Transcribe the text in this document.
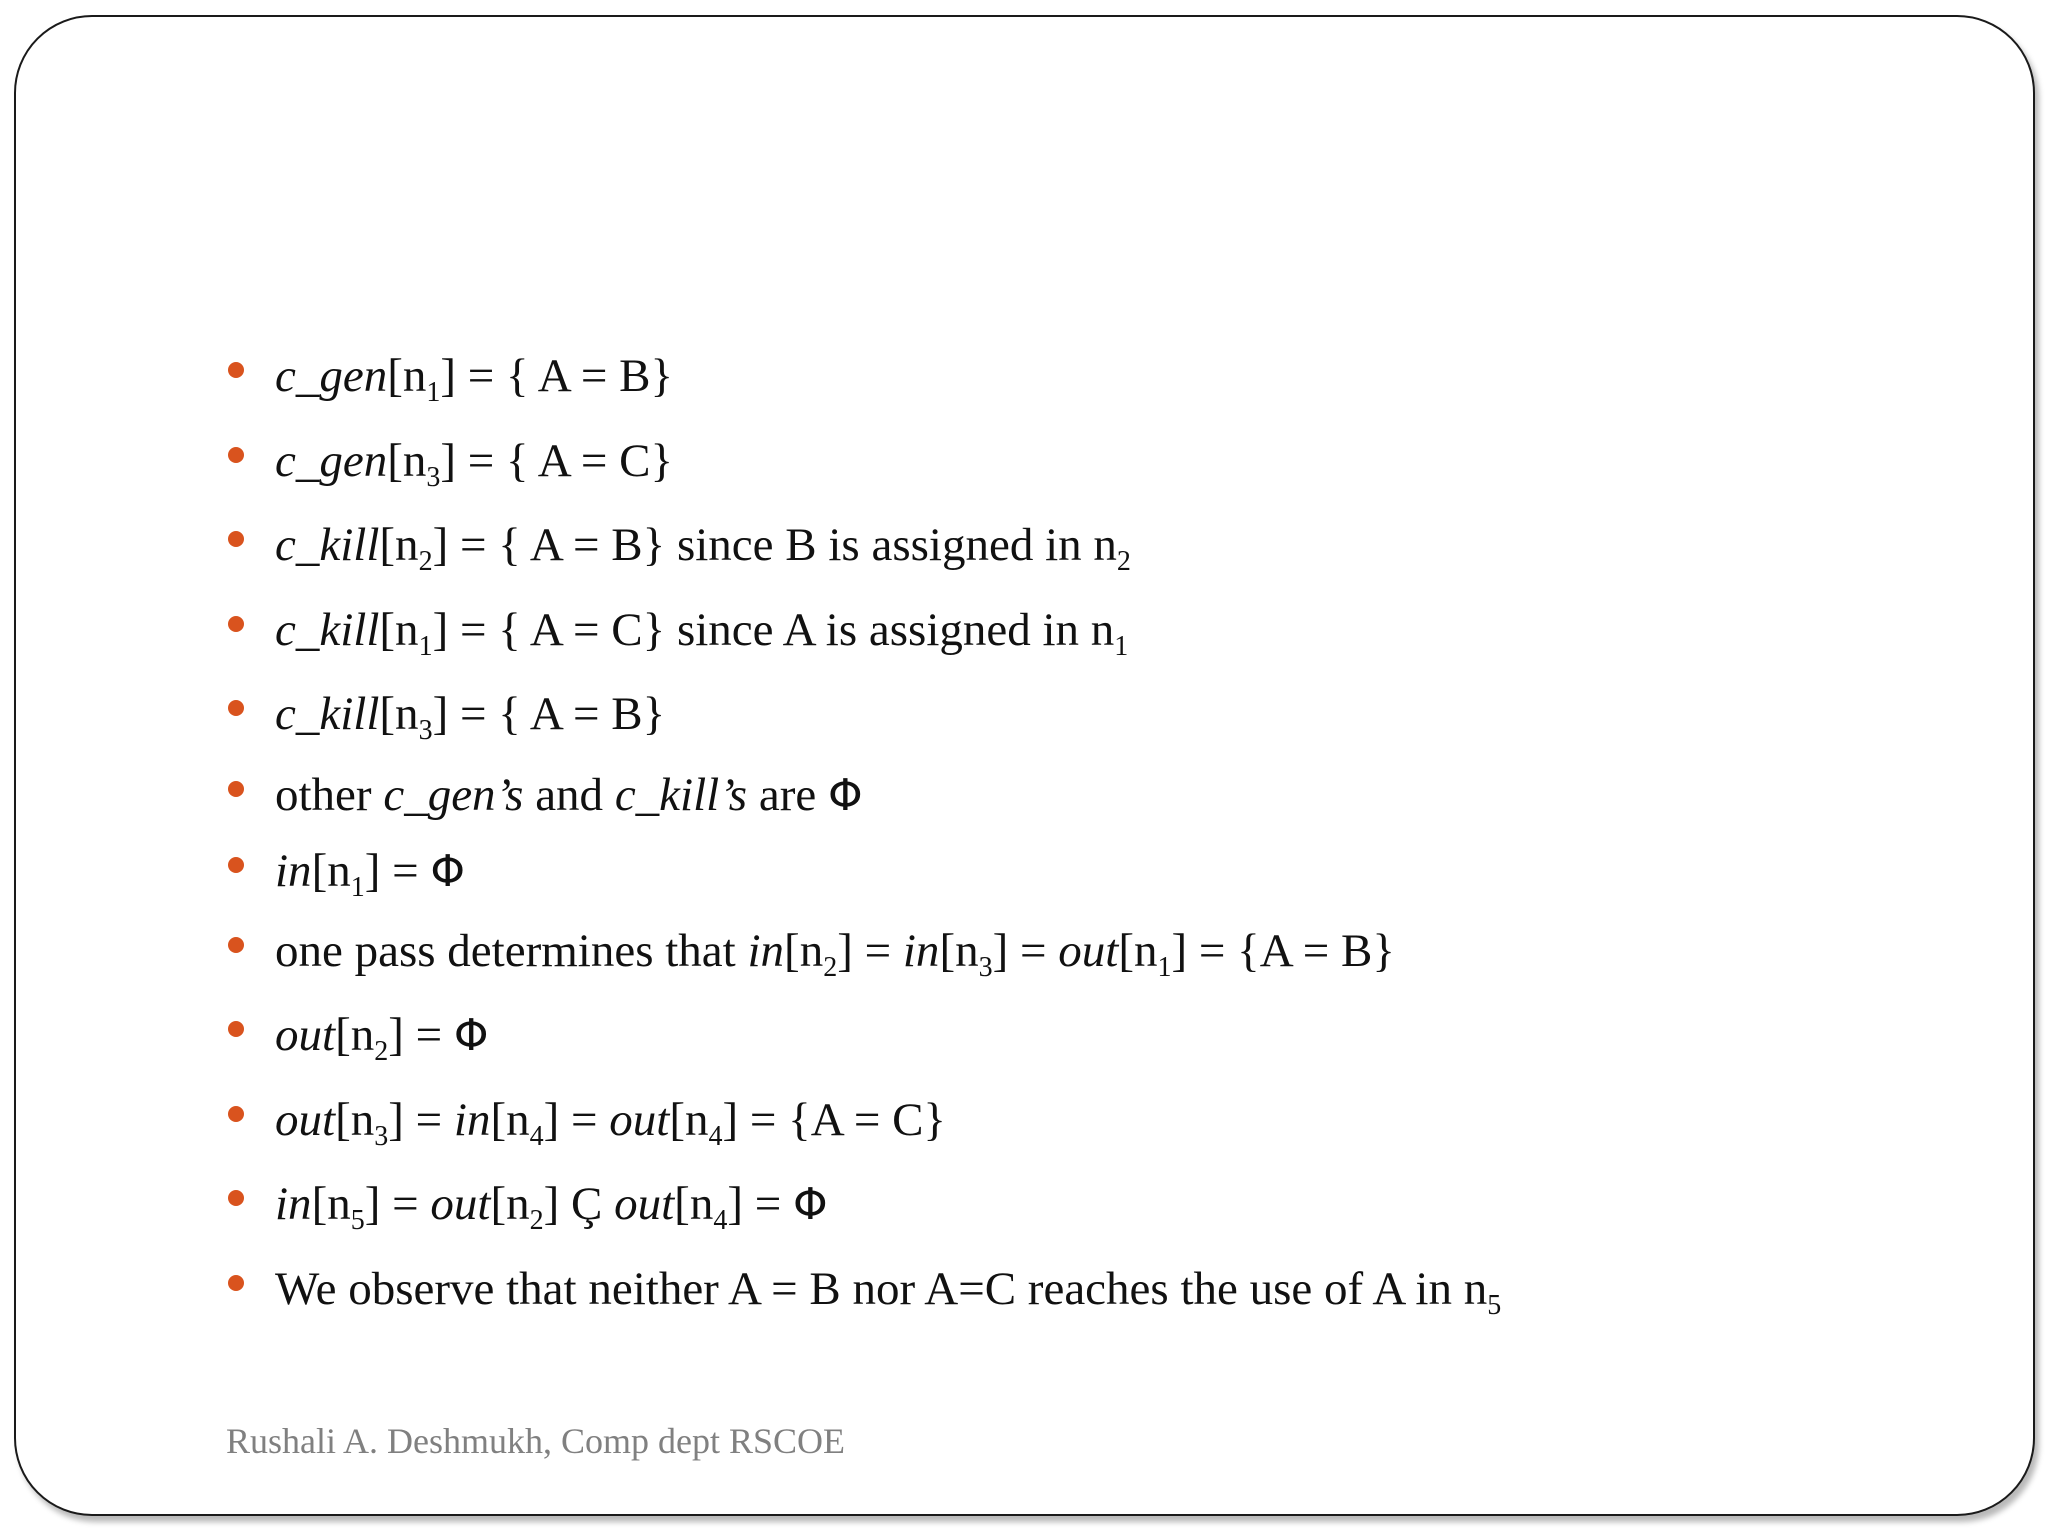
$c\_gen[n_1]$ = { A = B}
$c\_gen[n_3]$ = { A = C}
$c\_kill[n_2]$ = { A = B} since B is assigned in $n_2$
$c\_kill[n_1]$ = { A = C} since A is assigned in $n_1$
$c\_kill[n_3]$ = { A = B}
other c_gen’s and c_kill’s are Φ
$in[n_1] = \Phi$
one pass determines that $in[n_2] = in[n_3] = out[n_1] = \{A = B\}$
$out[n_2] = \Phi$
$out[n_3] = in[n_4] = out[n_4] = \{A = C\}$
$in[n_5] = out[n_2]$ Ç $out[n_4] = \Phi$
We observe that neither A = B nor A=C reaches the use of A in $n_5$
Rushali A. Deshmukh, Comp dept RSCOE
